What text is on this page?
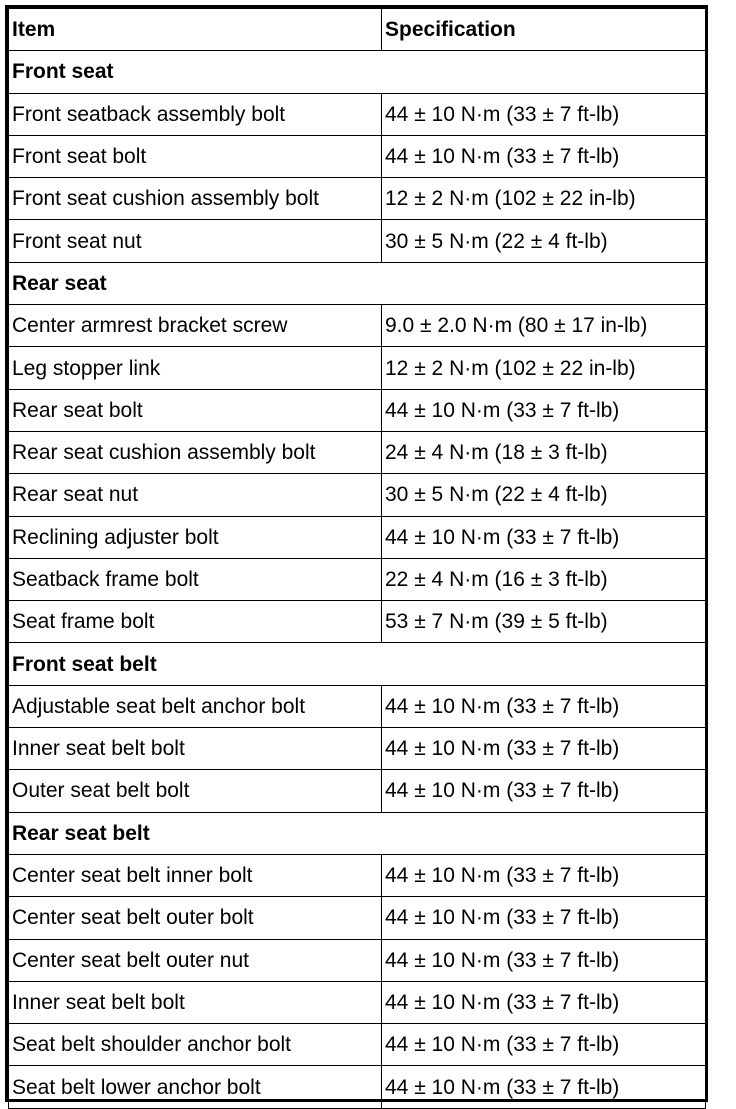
Item	Specification
Front seat	
Front seatback assembly bolt	44 ± 10 N·m (33 ± 7 ft-lb)
Front seat bolt	44 ± 10 N·m (33 ± 7 ft-lb)
Front seat cushion assembly bolt	12 ± 2 N·m (102 ± 22 in-lb)
Front seat nut	30 ± 5 N·m (22 ± 4 ft-lb)
Rear seat	
Center armrest bracket screw	9.0 ± 2.0 N·m (80 ± 17 in-lb)
Leg stopper link	12 ± 2 N·m (102 ± 22 in-lb)
Rear seat bolt	44 ± 10 N·m (33 ± 7 ft-lb)
Rear seat cushion assembly bolt	24 ± 4 N·m (18 ± 3 ft-lb)
Rear seat nut	30 ± 5 N·m (22 ± 4 ft-lb)
Reclining adjuster bolt	44 ± 10 N·m (33 ± 7 ft-lb)
Seatback frame bolt	22 ± 4 N·m (16 ± 3 ft-lb)
Seat frame bolt	53 ± 7 N·m (39 ± 5 ft-lb)
Front seat belt	
Adjustable seat belt anchor bolt	44 ± 10 N·m (33 ± 7 ft-lb)
Inner seat belt bolt	44 ± 10 N·m (33 ± 7 ft-lb)
Outer seat belt bolt	44 ± 10 N·m (33 ± 7 ft-lb)
Rear seat belt	
Center seat belt inner bolt	44 ± 10 N·m (33 ± 7 ft-lb)
Center seat belt outer bolt	44 ± 10 N·m (33 ± 7 ft-lb)
Center seat belt outer nut	44 ± 10 N·m (33 ± 7 ft-lb)
Inner seat belt bolt	44 ± 10 N·m (33 ± 7 ft-lb)
Seat belt shoulder anchor bolt	44 ± 10 N·m (33 ± 7 ft-lb)
Seat belt lower anchor bolt	44 ± 10 N·m (33 ± 7 ft-lb)
